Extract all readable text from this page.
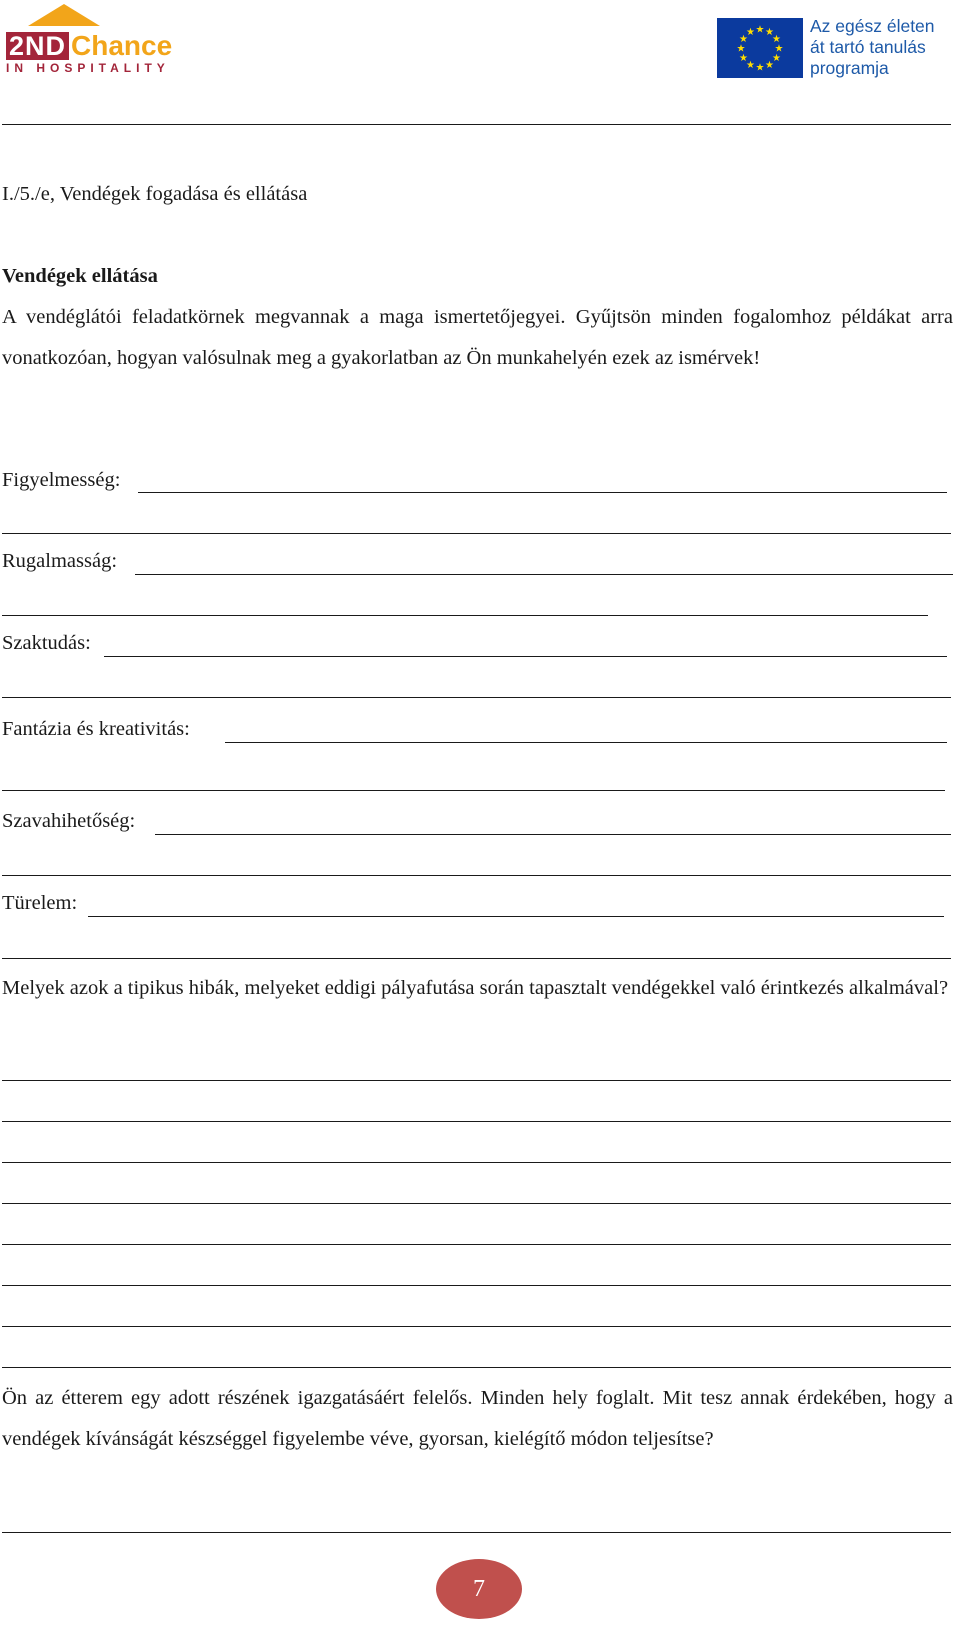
2ND Chance
IN HOSPITALITY
★ ★
★
★
★
★
★
★
★
★
★
★	Az egész életen
át tartó tanulás
programja
I./5./e, Vendégek fogadása és ellátása
Vendégek ellátása
A vendéglátói feladatkörnek megvannak a maga ismertetőjegyei. Gyűjtsön minden fogalomhoz példákat arra vonatkozóan, hogyan valósulnak meg a gyakorlatban az Ön munkahelyén ezek az ismérvek!
Figyelmesség:
Rugalmasság:
Szaktudás:
Fantázia és kreativitás:
Szavahihetőség:
Türelem:
Melyek azok a tipikus hibák, melyeket eddigi pályafutása során tapasztalt vendégekkel való érintkezés alkalmával?
Ön az étterem egy adott részének igazgatásáért felelős. Minden hely foglalt. Mit tesz annak érdekében, hogy a vendégek kívánságát készséggel figyelembe véve, gyorsan, kielégítő módon teljesítse?
7
